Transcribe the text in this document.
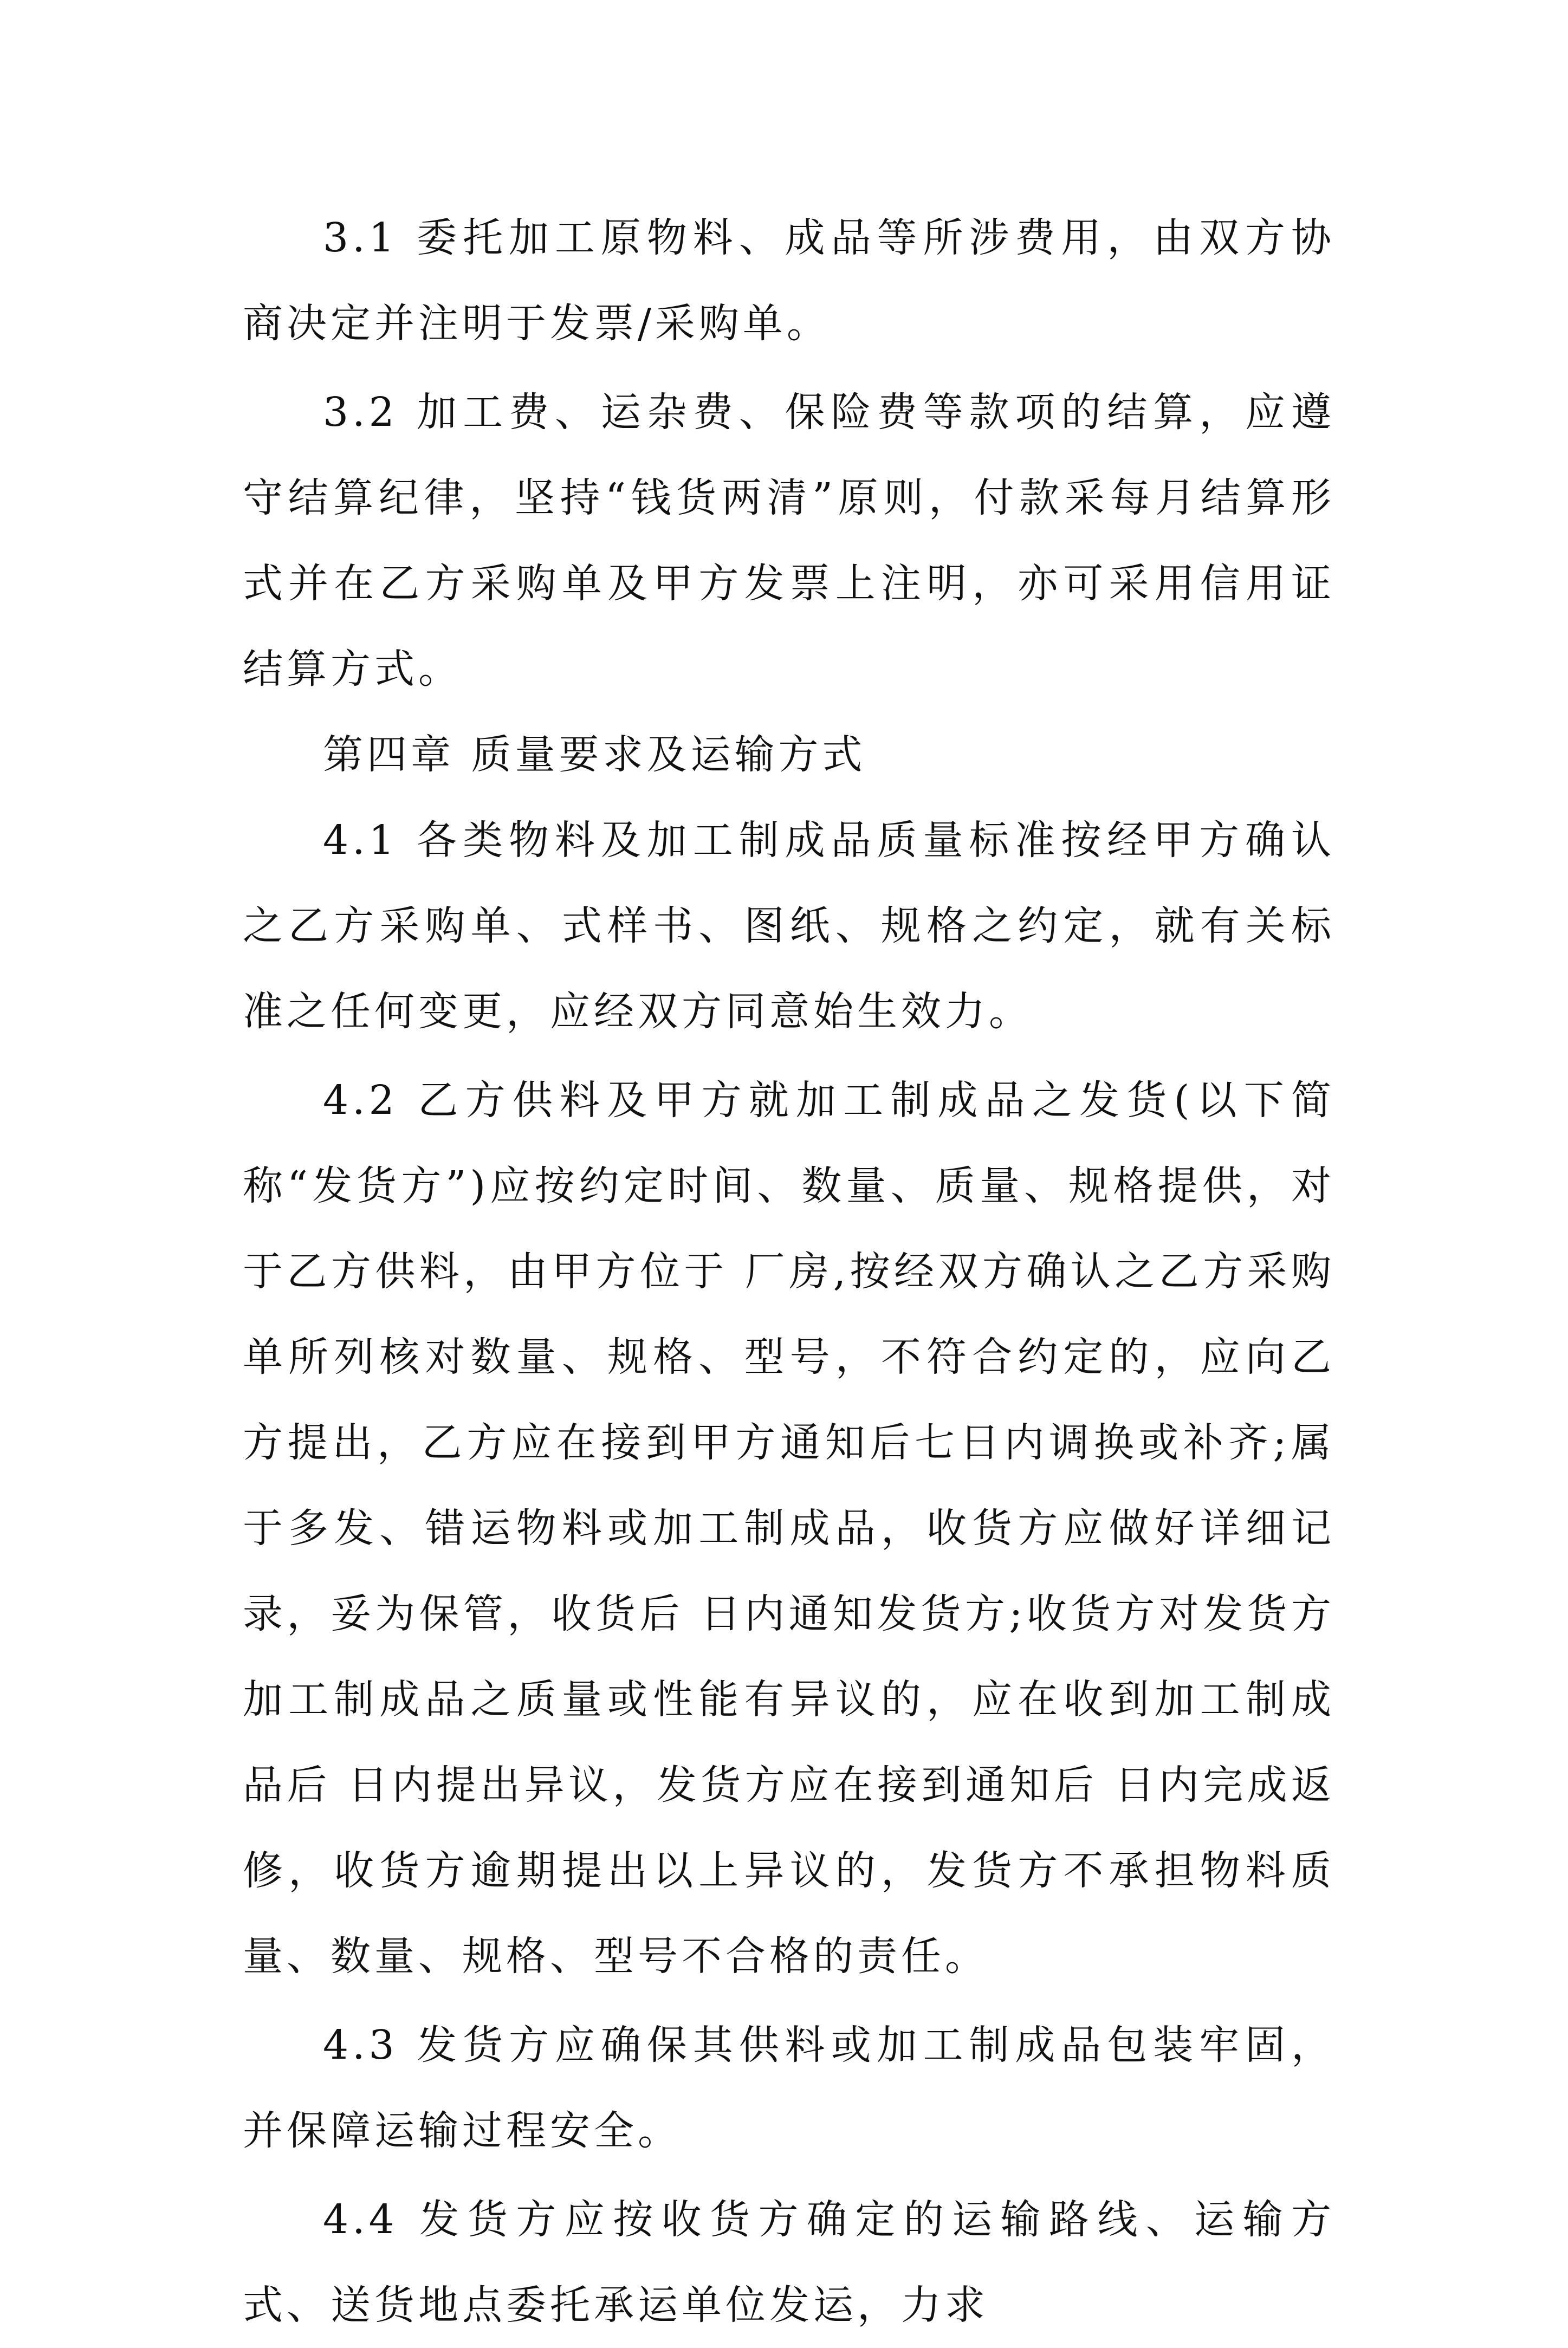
3.1 委托加工原物料、成品等所涉费用，由双方协商决定并注明于发票/采购单。

3.2 加工费、运杂费、保险费等款项的结算，应遵守结算纪律，坚持“钱货两清”原则，付款采每月结算形式并在乙方采购单及甲方发票上注明，亦可采用信用证结算方式。

第四章 质量要求及运输方式

4.1 各类物料及加工制成品质量标准按经甲方确认之乙方采购单、式样书、图纸、规格之约定，就有关标准之任何变更，应经双方同意始生效力。

4.2 乙方供料及甲方就加工制成品之发货(以下简称“发货方”)应按约定时间、数量、质量、规格提供，对于乙方供料，由甲方位于 厂房,按经双方确认之乙方采购单所列核对数量、规格、型号，不符合约定的，应向乙方提出，乙方应在接到甲方通知后七日内调换或补齐;属于多发、错运物料或加工制成品，收货方应做好详细记录，妥为保管，收货后 日内通知发货方;收货方对发货方加工制成品之质量或性能有异议的，应在收到加工制成品后 日内提出异议，发货方应在接到通知后 日内完成返修，收货方逾期提出以上异议的，发货方不承担物料质量、数量、规格、型号不合格的责任。

4.3 发货方应确保其供料或加工制成品包装牢固，并保障运输过程安全。

4.4 发货方应按收货方确定的运输路线、运输方式、送货地点委托承运单位发运，力求
